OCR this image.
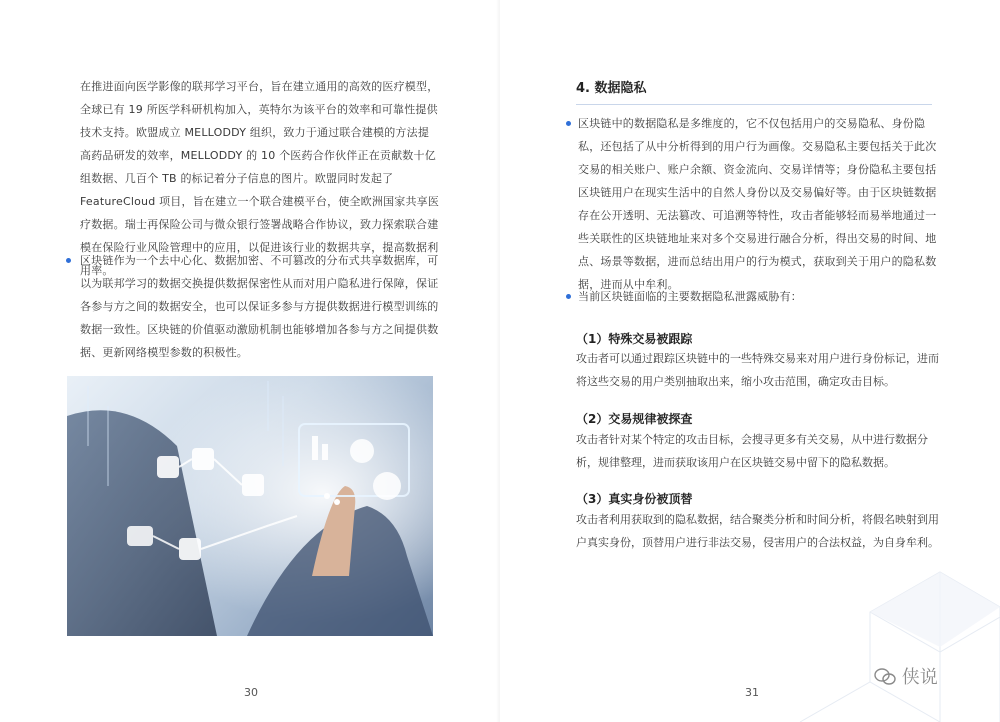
在推进面向医学影像的联邦学习平台，旨在建立通用的高效的医疗模型，全球已有 19 所医学科研机构加入，英特尔为该平台的效率和可靠性提供技术支持。欧盟成立 MELLODDY 组织，致力于通过联合建模的方法提高药品研发的效率，MELLODDY 的 10 个医药合作伙伴正在贡献数十亿组数据、几百个 TB 的标记着分子信息的图片。欧盟同时发起了 FeatureCloud 项目，旨在建立一个联合建模平台，使全欧洲国家共享医疗数据。瑞士再保险公司与微众银行签署战略合作协议，致力探索联合建模在保险行业风险管理中的应用，以促进该行业的数据共享，提高数据利用率。
区块链作为一个去中心化、数据加密、不可篡改的分布式共享数据库，可以为联邦学习的数据交换提供数据保密性从而对用户隐私进行保障，保证各参与方之间的数据安全，也可以保证多参与方提供数据进行模型训练的数据一致性。区块链的价值驱动激励机制也能够增加各参与方之间提供数据、更新网络模型参数的积极性。
30
4. 数据隐私
区块链中的数据隐私是多维度的，它不仅包括用户的交易隐私、身份隐私，还包括了从中分析得到的用户行为画像。交易隐私主要包括关于此次交易的相关账户、账户余额、资金流向、交易详情等；身份隐私主要包括区块链用户在现实生活中的自然人身份以及交易偏好等。由于区块链数据存在公开透明、无法篡改、可追溯等特性，攻击者能够轻而易举地通过一些关联性的区块链地址来对多个交易进行融合分析，得出交易的时间、地点、场景等数据，进而总结出用户的行为模式，获取到关于用户的隐私数据，进而从中牟利。
当前区块链面临的主要数据隐私泄露威胁有：
（1）特殊交易被跟踪
攻击者可以通过跟踪区块链中的一些特殊交易来对用户进行身份标记，进而将这些交易的用户类别抽取出来，缩小攻击范围，确定攻击目标。
（2）交易规律被探查
攻击者针对某个特定的攻击目标，会搜寻更多有关交易，从中进行数据分析，规律整理，进而获取该用户在区块链交易中留下的隐私数据。
（3）真实身份被顶替
攻击者利用获取到的隐私数据，结合聚类分析和时间分析，将假名映射到用户真实身份，顶替用户进行非法交易，侵害用户的合法权益，为自身牟利。
31
侠说
